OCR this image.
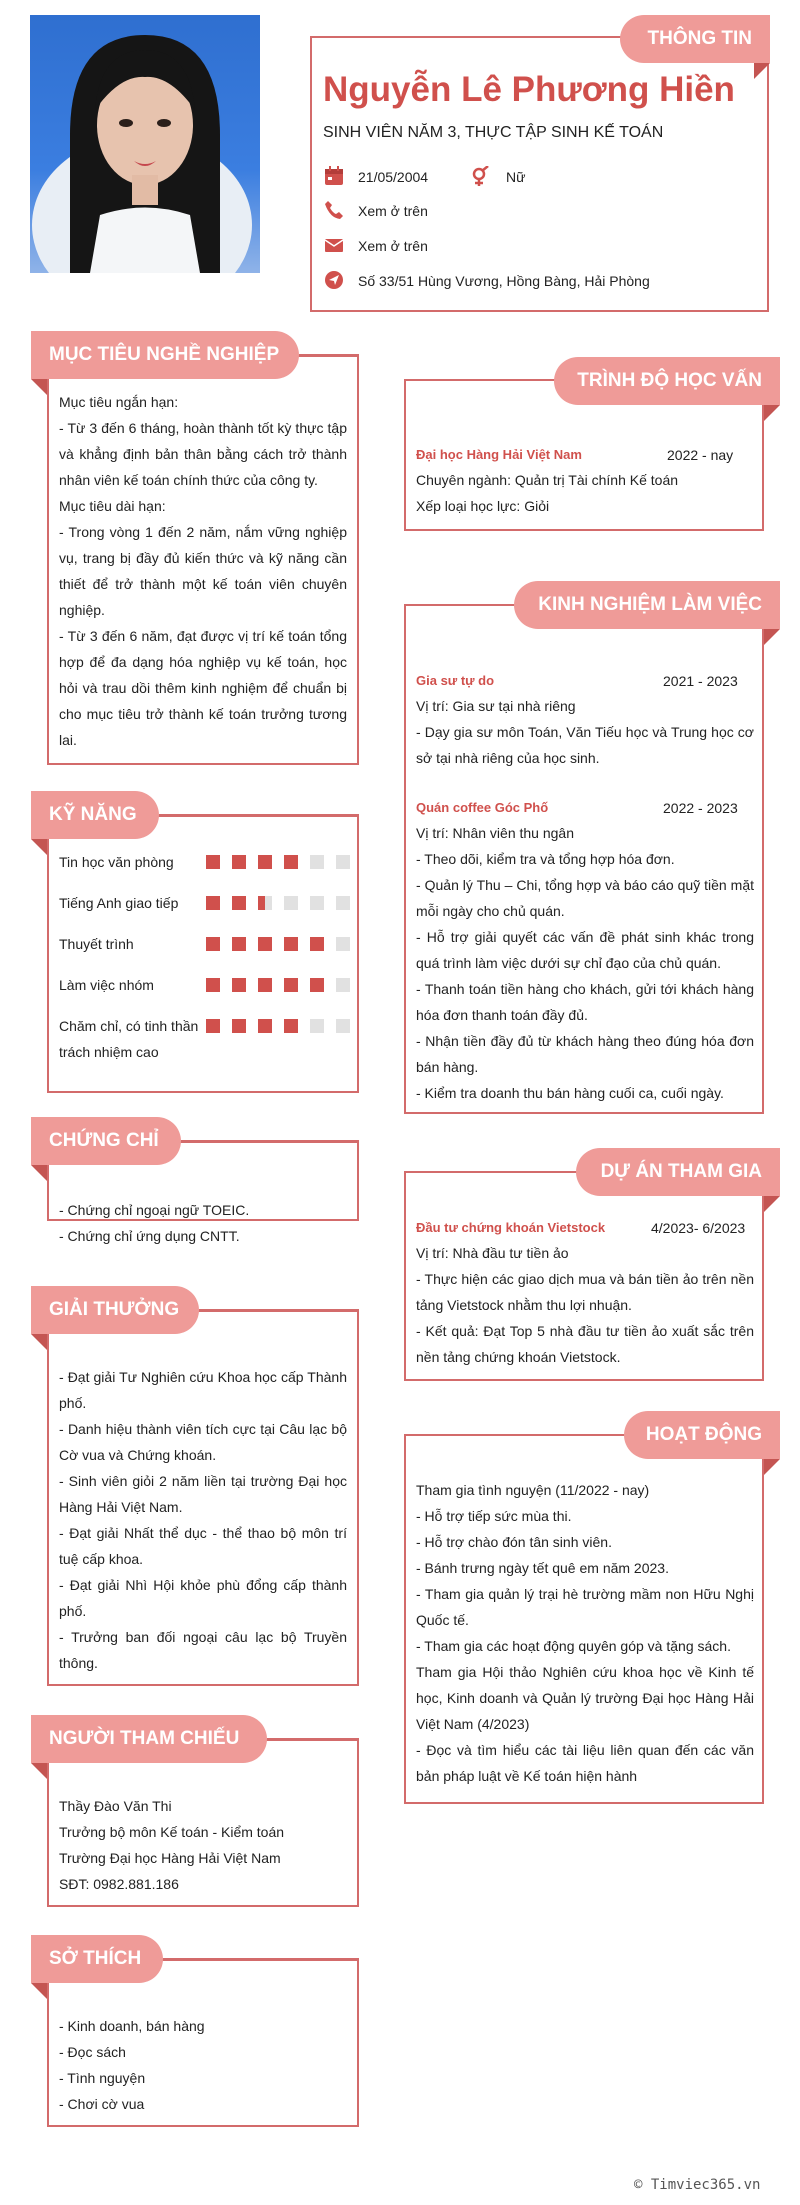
THÔNG TIN
Nguyễn Lê Phương Hiền
SINH VIÊN NĂM 3, THỰC TẬP SINH KẾ TOÁN
21/05/2004	Nữ
Xem ở trên
Xem ở trên
Số 33/51 Hùng Vương, Hồng Bàng, Hải Phòng
MỤC TIÊU NGHỀ NGHIỆP
Mục tiêu ngắn hạn:
- Từ 3 đến 6 tháng, hoàn thành tốt kỳ thực tập và khẳng định bản thân bằng cách trở thành nhân viên kế toán chính thức của công ty.
Mục tiêu dài hạn:
- Trong vòng 1 đến 2 năm, nắm vững nghiệp vụ, trang bị đầy đủ kiến thức và kỹ năng cần thiết để trở thành một kế toán viên chuyên nghiệp.
- Từ 3 đến 6 năm, đạt được vị trí kế toán tổng hợp để đa dạng hóa nghiệp vụ kế toán, học hỏi và trau dồi thêm kinh nghiệm để chuẩn bị cho mục tiêu trở thành kế toán trưởng tương lai.
KỸ NĂNG
Tin học văn phòng
Tiếng Anh giao tiếp
Thuyết trình
Làm việc nhóm
Chăm chỉ, có tinh thần trách nhiệm cao
CHỨNG CHỈ
- Chứng chỉ ngoại ngữ TOEIC.
- Chứng chỉ ứng dụng CNTT.
GIẢI THƯỞNG
- Đạt giải Tư Nghiên cứu Khoa học cấp Thành phố.
- Danh hiệu thành viên tích cực tại Câu lạc bộ Cờ vua và Chứng khoán.
- Sinh viên giỏi 2 năm liền tại trường Đại học Hàng Hải Việt Nam.
- Đạt giải Nhất thể dục - thể thao bộ môn trí tuệ cấp khoa.
- Đạt giải Nhì Hội khỏe phù đổng cấp thành phố.
- Trưởng ban đối ngoại câu lạc bộ Truyền thông.
NGƯỜI THAM CHIẾU
Thầy Đào Văn Thi
Trưởng bộ môn Kế toán - Kiểm toán
Trường Đại học Hàng Hải Việt Nam
SĐT: 0982.881.186
SỞ THÍCH
- Kinh doanh, bán hàng
- Đọc sách
- Tình nguyện
- Chơi cờ vua
TRÌNH ĐỘ HỌC VẤN
Đại học Hàng Hải Việt Nam	2022 - nay
Chuyên ngành: Quản trị Tài chính Kế toán
Xếp loại học lực: Giỏi
KINH NGHIỆM LÀM VIỆC
Gia sư tự do	2021 - 2023
Vị trí: Gia sư tại nhà riêng
- Dạy gia sư môn Toán, Văn Tiếu học và Trung học cơ sở tại nhà riêng của học sinh.
Quán coffee Góc Phố	2022 - 2023
Vị trí: Nhân viên thu ngân
- Theo dõi, kiểm tra và tổng hợp hóa đơn.
- Quản lý Thu – Chi, tổng hợp và báo cáo quỹ tiền mặt mỗi ngày cho chủ quán.
- Hỗ trợ giải quyết các vấn đề phát sinh khác trong quá trình làm việc dưới sự chỉ đạo của chủ quán.
- Thanh toán tiền hàng cho khách, gửi tới khách hàng hóa đơn thanh toán đầy đủ.
- Nhận tiền đầy đủ từ khách hàng theo đúng hóa đơn bán hàng.
- Kiểm tra doanh thu bán hàng cuối ca, cuối ngày.
DỰ ÁN THAM GIA
Đầu tư chứng khoán Vietstock	4/2023- 6/2023
Vị trí: Nhà đầu tư tiền ảo
- Thực hiện các giao dịch mua và bán tiền ảo trên nền tảng Vietstock nhằm thu lợi nhuận.
- Kết quả: Đạt Top 5 nhà đầu tư tiền ảo xuất sắc trên nền tảng chứng khoán Vietstock.
HOẠT ĐỘNG
Tham gia tình nguyện (11/2022 - nay)
- Hỗ trợ tiếp sức mùa thi.
- Hỗ trợ chào đón tân sinh viên.
- Bánh trưng ngày tết quê em năm 2023.
- Tham gia quản lý trại hè trường mầm non Hữu Nghị Quốc tế.
- Tham gia các hoạt động quyên góp và tặng sách.
Tham gia Hội thảo Nghiên cứu khoa học về Kinh tế học, Kinh doanh và Quản lý trường Đại học Hàng Hải Việt Nam (4/2023)
- Đọc và tìm hiểu các tài liệu liên quan đến các văn bản pháp luật về Kế toán hiện hành
© Timviec365.vn
